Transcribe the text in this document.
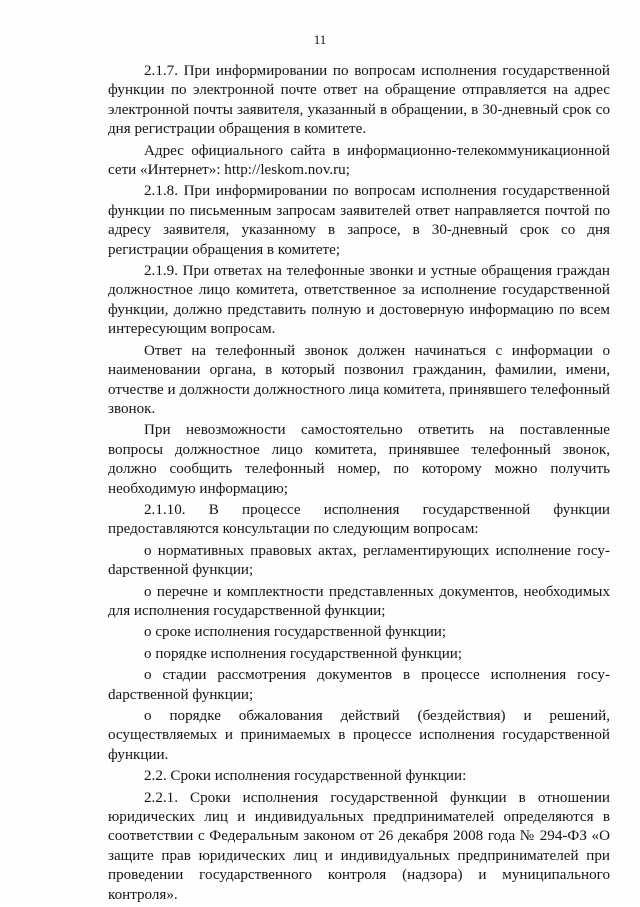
11

2.1.7. При информировании по вопросам исполнения государственной функции по электронной почте ответ на обращение отправляется на адрес электронной почты заявителя, указанный в обращении, в 30-дневный срок со дня регистрации обращения в комитете.

Адрес официального сайта в информационно-телекоммуникационной сети «Интернет»: http://leskom.nov.ru;

2.1.8. При информировании по вопросам исполнения государственной функции по письменным запросам заявителей ответ направляется почтой по адресу заявителя, указанному в запросе, в 30-дневный срок со дня регистрации обращения в комитете;

2.1.9. При ответах на телефонные звонки и устные обращения граждан должностное лицо комитета, ответственное за исполнение государственной функции, должно представить полную и достоверную информацию по всем интересующим вопросам.

Ответ на телефонный звонок должен начинаться с информации о наименовании органа, в который позвонил гражданин, фамилии, имени, отчестве и должности должностного лица комитета, принявшего телефонный звонок.

При невозможности самостоятельно ответить на поставленные вопросы должностное лицо комитета, принявшее телефонный звонок, должно сообщить телефонный номер, по которому можно получить необходимую информацию;

2.1.10. В процессе исполнения государственной функции предоставляются консультации по следующим вопросам:

о нормативных правовых актах, регламентирующих исполнение госуdарственной функции;

о перечне и комплектности представленных документов, необходимых для исполнения государственной функции;

о сроке исполнения государственной функции;

о порядке исполнения государственной функции;

о стадии рассмотрения документов в процессе исполнения госуdарственной функции;

о порядке обжалования действий (бездействия) и решений, осуществляемых и принимаемых в процессе исполнения государственной функции.

2.2. Сроки исполнения государственной функции:

2.2.1. Сроки исполнения государственной функции в отношении юридических лиц и индивидуальных предпринимателей определяются в соответствии с Федеральным законом от 26 декабря 2008 года № 294-ФЗ «О защите прав юридических лиц и индивидуальных предпринимателей при проведении государственного контроля (надзора) и муниципального контроля».
